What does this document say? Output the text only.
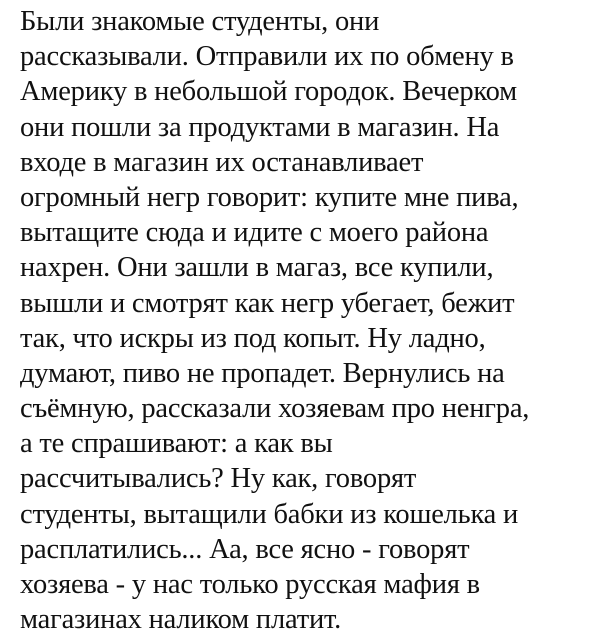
Были знакомые студенты, они
рассказывали. Отправили их по обмену в
Америку в небольшой городок. Вечерком
они пошли за продуктами в магазин. На
входе в магазин их останавливает
огромный негр говорит: купите мне пива,
вытащите сюда и идите с моего района
нахрен. Они зашли в магаз, все купили,
вышли и смотрят как негр убегает, бежит
так, что искры из под копыт. Ну ладно,
думают, пиво не пропадет. Вернулись на
съёмную, рассказали хозяевам про ненгра,
а те спрашивают: а как вы
рассчитывались? Ну как, говорят
студенты, вытащили бабки из кошелька и
расплатились... Аа, все ясно - говорят
хозяева - у нас только русская мафия в
магазинах наликом платит.
